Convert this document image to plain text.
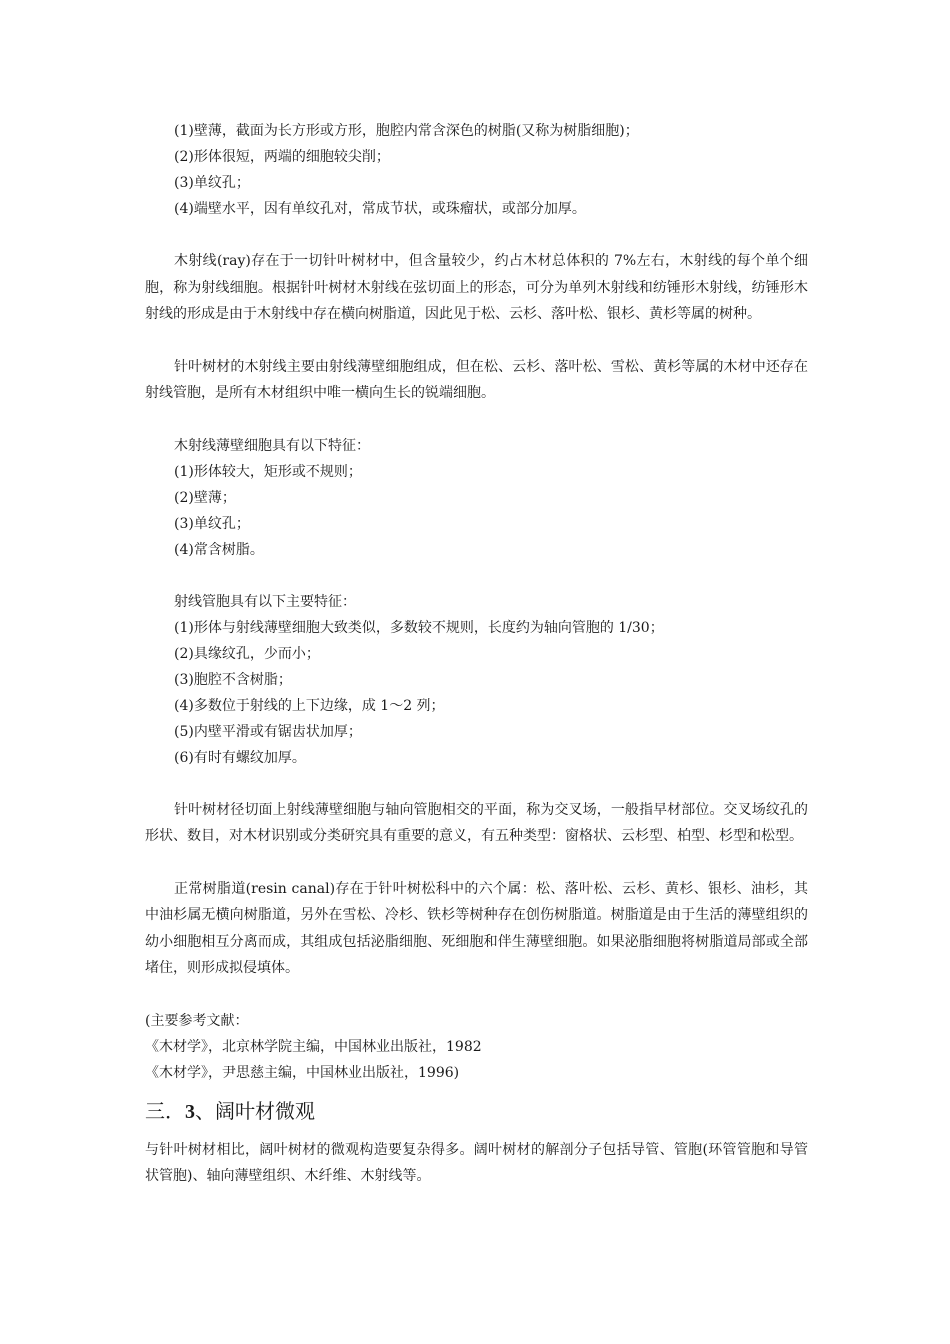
(1)壁薄，截面为长方形或方形，胞腔内常含深色的树脂(又称为树脂细胞)；
(2)形体很短，两端的细胞较尖削；
(3)单纹孔；
(4)端壁水平，因有单纹孔对，常成节状，或珠瘤状，或部分加厚。

木射线(ray)存在于一切针叶树材中，但含量较少，约占木材总体积的 7%左右，木射线的每个单个细胞，称为射线细胞。根据针叶树材木射线在弦切面上的形态，可分为单列木射线和纺锤形木射线，纺锤形木射线的形成是由于木射线中存在横向树脂道，因此见于松、云杉、落叶松、银杉、黄杉等属的树种。

针叶树材的木射线主要由射线薄壁细胞组成，但在松、云杉、落叶松、雪松、黄杉等属的木材中还存在射线管胞，是所有木材组织中唯一横向生长的锐端细胞。

木射线薄壁细胞具有以下特征：
(1)形体较大，矩形或不规则；
(2)壁薄；
(3)单纹孔；
(4)常含树脂。
射线管胞具有以下主要特征：
(1)形体与射线薄壁细胞大致类似，多数较不规则，长度约为轴向管胞的 1/30；
(2)具缘纹孔，少而小；
(3)胞腔不含树脂；
(4)多数位于射线的上下边缘，成 1～2 列；
(5)内壁平滑或有锯齿状加厚；
(6)有时有螺纹加厚。

针叶树材径切面上射线薄壁细胞与轴向管胞相交的平面，称为交叉场，一般指早材部位。交叉场纹孔的形状、数目，对木材识别或分类研究具有重要的意义，有五种类型：窗格状、云杉型、柏型、杉型和松型。

正常树脂道(resin canal)存在于针叶树松科中的六个属：松、落叶松、云杉、黄杉、银杉、油杉，其中油杉属无横向树脂道，另外在雪松、冷杉、铁杉等树种存在创伤树脂道。树脂道是由于生活的薄壁组织的幼小细胞相互分离而成，其组成包括泌脂细胞、死细胞和伴生薄壁细胞。如果泌脂细胞将树脂道局部或全部堵住，则形成拟侵填体。

(主要参考文献：
《木材学》，北京林学院主编，中国林业出版社，1982
《木材学》，尹思慈主编，中国林业出版社，1996)
三．3、阔叶材微观

与针叶树材相比，阔叶树材的微观构造要复杂得多。阔叶树材的解剖分子包括导管、管胞(环管管胞和导管状管胞)、轴向薄壁组织、木纤维、木射线等。
